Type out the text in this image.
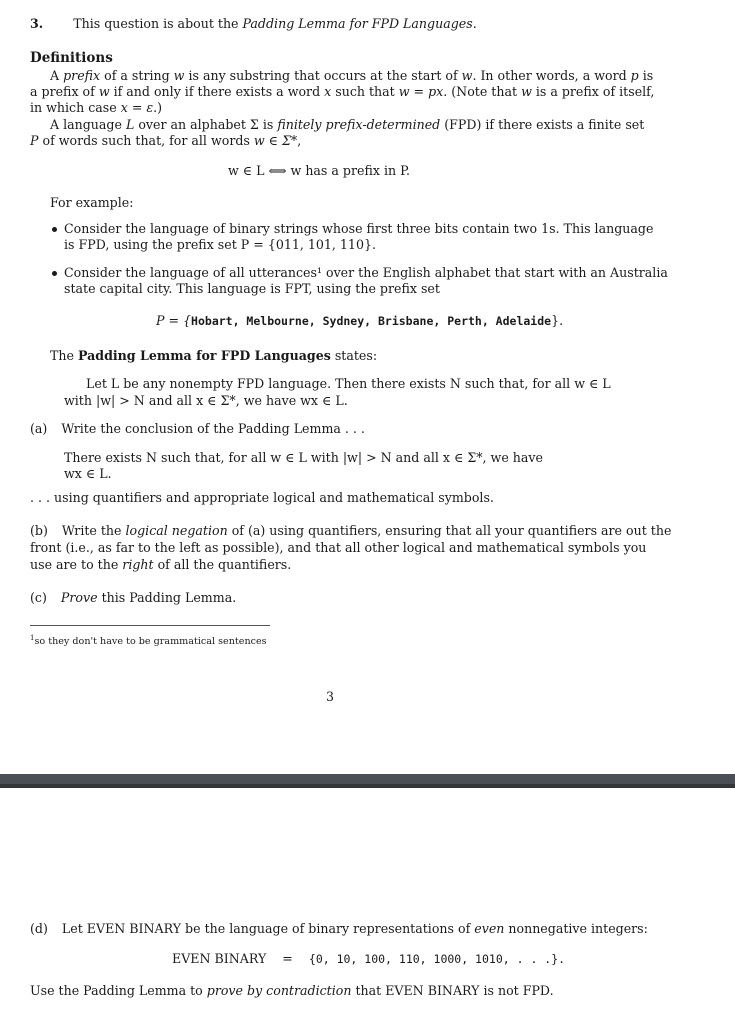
3. This question is about the Padding Lemma for FPD Languages.
Definitions
A prefix of a string w is any substring that occurs at the start of w. In other words, a word p is
a prefix of w if and only if there exists a word x such that w = px. (Note that w is a prefix of itself,
in which case x = ε.)
A language L over an alphabet Σ is finitely prefix-determined (FPD) if there exists a finite set
P of words such that, for all words w ∈ Σ*,
w ∈ L ⟺ w has a prefix in P.
For example:
Consider the language of binary strings whose first three bits contain two 1s. This language
is FPD, using the prefix set P = {011, 101, 110}.
Consider the language of all utterances¹ over the English alphabet that start with an Australia
state capital city. This language is FPT, using the prefix set
P = {Hobart, Melbourne, Sydney, Brisbane, Perth, Adelaide}.
The Padding Lemma for FPD Languages states:
Let L be any nonempty FPD language. Then there exists N such that, for all w ∈ L
with |w| > N and all x ∈ Σ*, we have wx ∈ L.
(a) Write the conclusion of the Padding Lemma . . .
There exists N such that, for all w ∈ L with |w| > N and all x ∈ Σ*, we have
wx ∈ L.
. . . using quantifiers and appropriate logical and mathematical symbols.
(b) Write the logical negation of (a) using quantifiers, ensuring that all your quantifiers are out the
front (i.e., as far to the left as possible), and that all other logical and mathematical symbols you
use are to the right of all the quantifiers.
(c) Prove this Padding Lemma.
$^1$so they don't have to be grammatical sentences
3
(d) Let EVEN BINARY be the language of binary representations of even nonnegative integers:
EVEN BINARY = {0, 10, 100, 110, 1000, 1010, . . .}.
Use the Padding Lemma to prove by contradiction that EVEN BINARY is not FPD.
